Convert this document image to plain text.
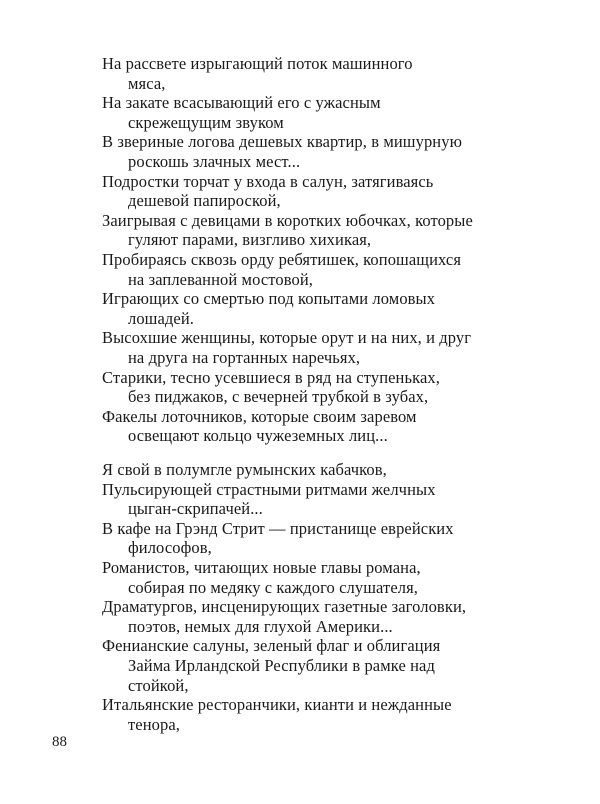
На рассвете изрыгающий поток машинного
мяса,
На закате всасывающий его с ужасным
скрежещущим звуком
В звериные логова дешевых квартир, в мишурную
роскошь злачных мест...
Подростки торчат у входа в салун, затягиваясь
дешевой папироской,
Заигрывая с девицами в коротких юбочках, которые
гуляют парами, визгливо хихикая,
Пробираясь сквозь орду ребятишек, копошащихся
на заплеванной мостовой,
Играющих со смертью под копытами ломовых
лошадей.
Высохшие женщины, которые орут и на них, и друг
на друга на гортанных наречьях,
Старики, тесно усевшиеся в ряд на ступеньках,
без пиджаков, с вечерней трубкой в зубах,
Факелы лоточников, которые своим заревом
освещают кольцо чужеземных лиц...
Я свой в полумгле румынских кабачков,
Пульсирующей страстными ритмами желчных
цыган-скрипачей...
В кафе на Грэнд Стрит — пристанище еврейских
философов,
Романистов, читающих новые главы романа,
собирая по медяку с каждого слушателя,
Драматургов, инсценирующих газетные заголовки,
поэтов, немых для глухой Америки...
Фенианские салуны, зеленый флаг и облигация
Займа Ирландской Республики в рамке над
стойкой,
Итальянские ресторанчики, кианти и нежданные
тенора,
88
